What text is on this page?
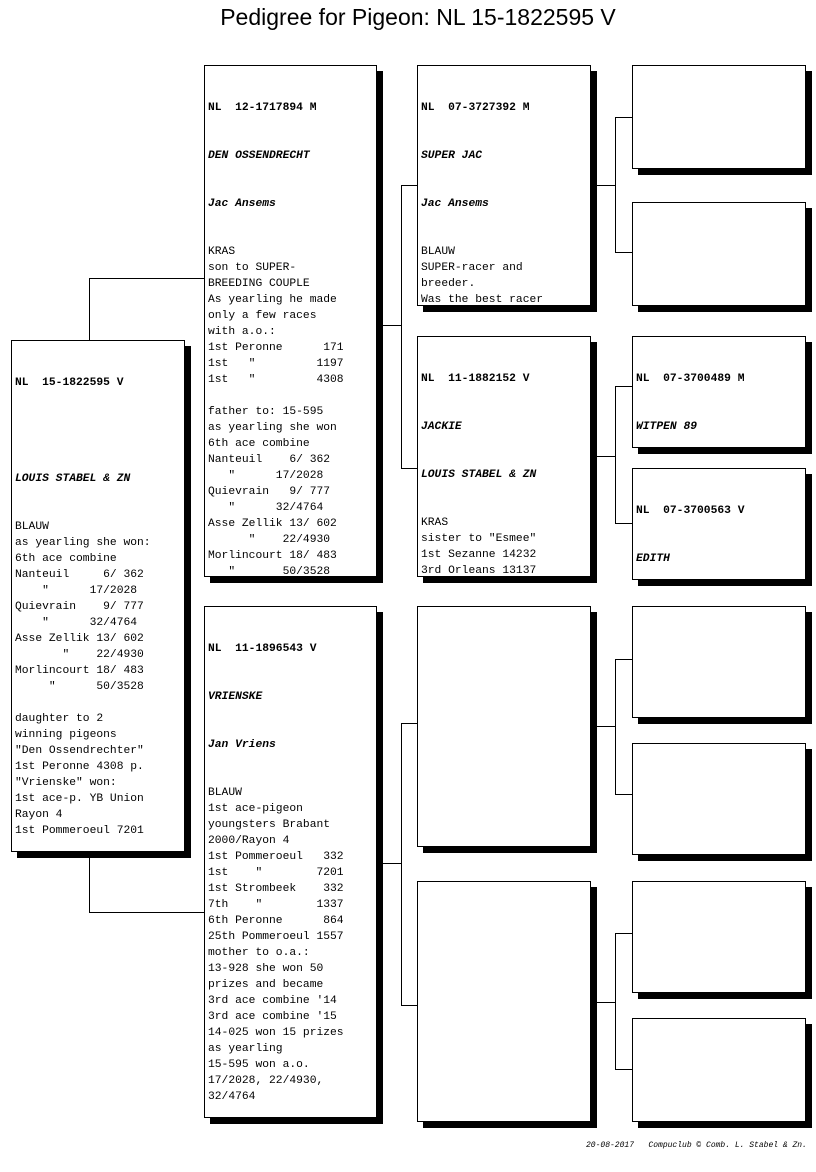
Pedigree for Pigeon: NL 15-1822595 V

NL  15-1822595 V

LOUIS STABEL & ZN

BLAUW
as yearling she won:
6th ace combine
Nanteuil     6/ 362
"      17/2028
Quievrain    9/ 777
"      32/4764
Asse Zellik 13/ 602
"    22/4930
Morlincourt 18/ 483
"      50/3528
daughter to 2
winning pigeons
"Den Ossendrechter"
1st Peronne 4308 p.
"Vrienske" won:
1st ace-p. YB Union
Rayon 4
1st Pommeroeul 7201

NL  12-1717894 M

DEN OSSENDRECHT

Jac Ansems

KRAS
son to SUPER-
BREEDING COUPLE
As yearling he made
only a few races
with a.o.:
1st Peronne      171
1st   "         1197
1st   "         4308
father to: 15-595
as yearling she won
6th ace combine
Nanteuil    6/ 362
"      17/2028
Quievrain   9/ 777
"      32/4764
Asse Zellik 13/ 602
"    22/4930
Morlincourt 18/ 483
"       50/3528

NL  11-1896543 V

VRIENSKE

Jan Vriens

BLAUW
1st ace-pigeon
youngsters Brabant
2000/Rayon 4
1st Pommeroeul   332
1st    "        7201
1st Strombeek    332
7th    "        1337
6th Peronne      864
25th Pommeroeul 1557
mother to o.a.:
13-928 she won 50
prizes and became
3rd ace combine '14
3rd ace combine '15
14-025 won 15 prizes
as yearling
15-595 won a.o.
17/2028, 22/4930,
32/4764

NL  07-3727392 M

SUPER JAC

Jac Ansems

BLAUW
SUPER-racer and
breeder.
Was the best racer

NL  11-1882152 V

JACKIE

LOUIS STABEL & ZN

KRAS
sister to "Esmee"
1st Sezanne 14232
3rd Orleans 13137

NL  07-3700489 M

WITPEN 89

NL  07-3700563 V

EDITH

20-08-2017 Compuclub © Comb. L. Stabel & Zn.
